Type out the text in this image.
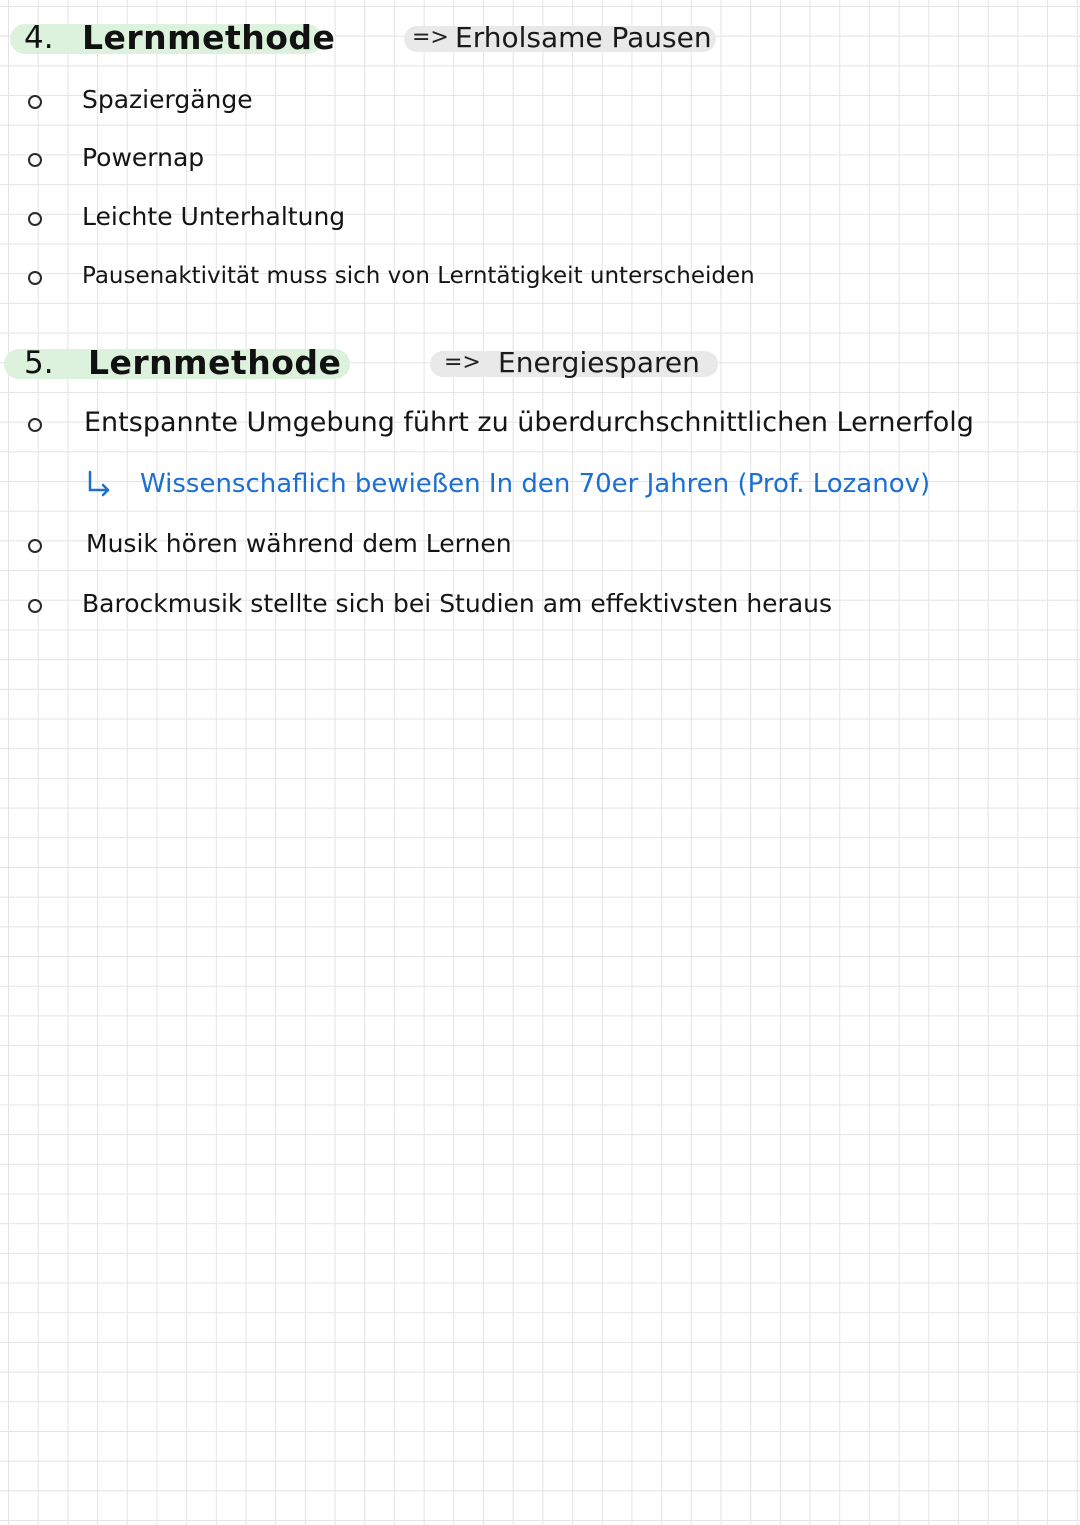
4. Lernmethode	=> Erholsame Pausen
Spaziergänge
Powernap
Leichte Unterhaltung
Pausenaktivität muss sich von Lerntätigkeit unterscheiden
5. Lernmethode	=> Energiesparen
Entspannte Umgebung führt zu überdurchschnittlichen Lernerfolg
Wissenschaflich bewießen In den 70er Jahren (Prof. Lozanov)
Musik hören während dem Lernen
Barockmusik stellte sich bei Studien am effektivsten heraus
